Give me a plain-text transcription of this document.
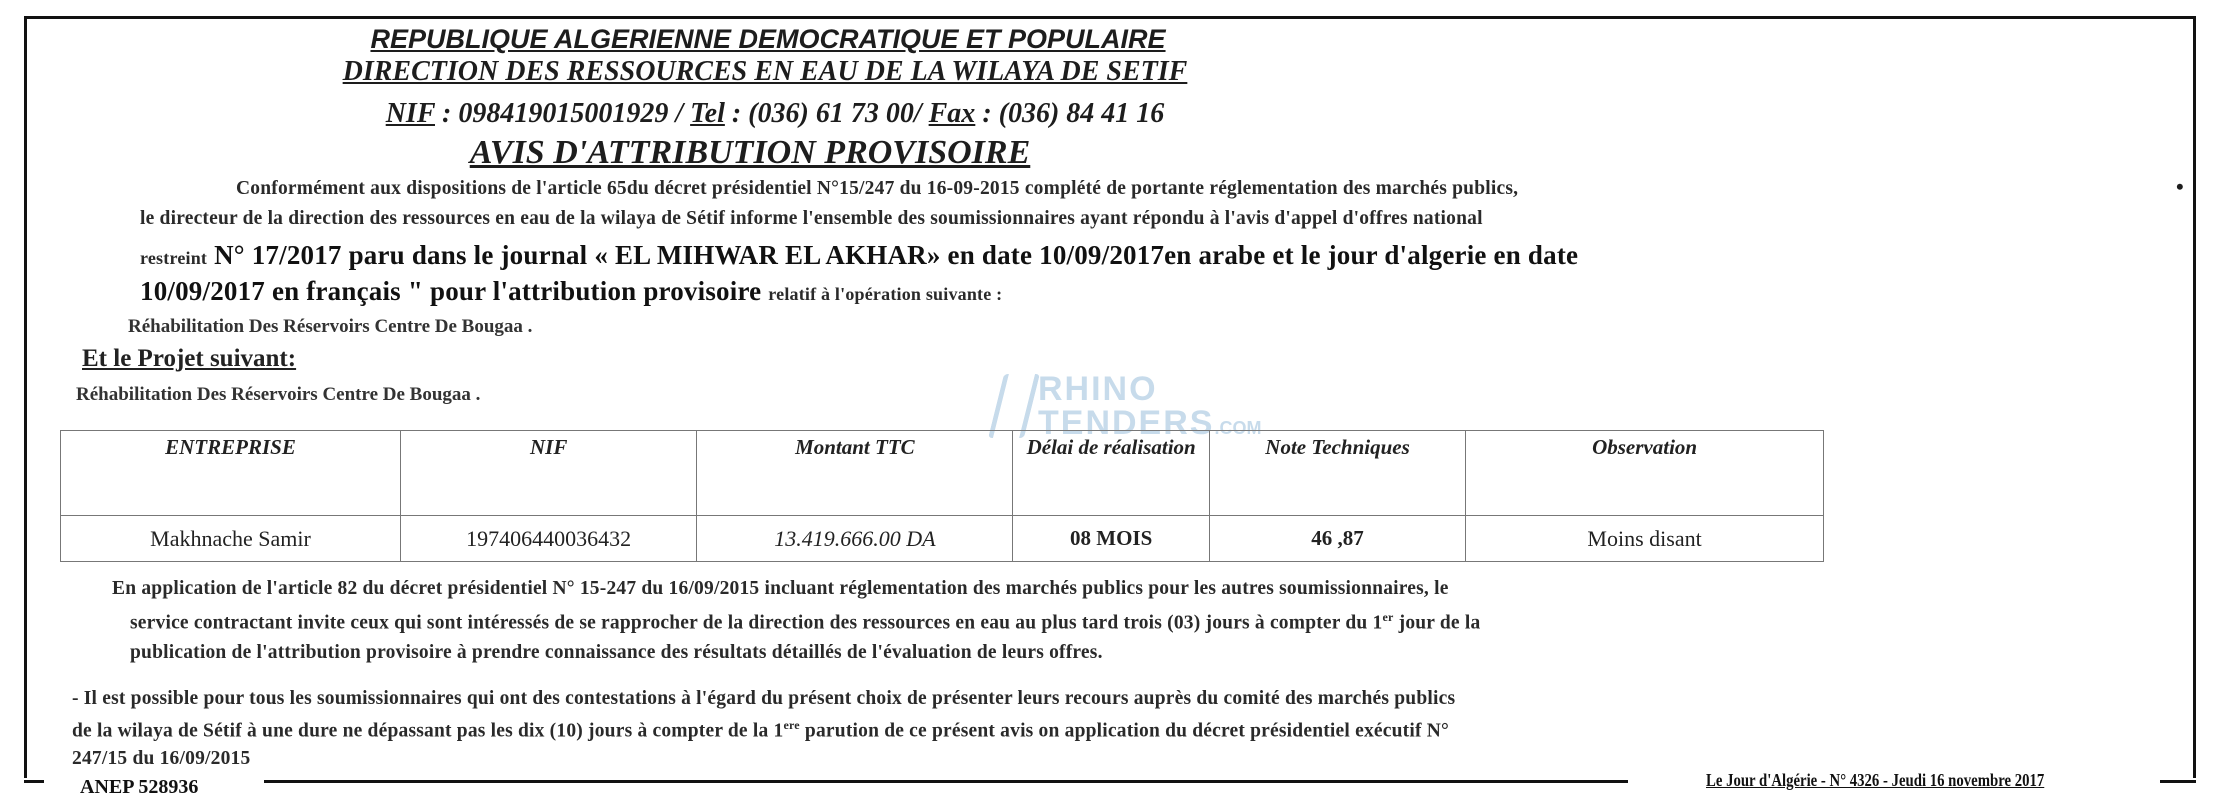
REPUBLIQUE ALGERIENNE DEMOCRATIQUE ET POPULAIRE
DIRECTION DES RESSOURCES EN EAU DE LA WILAYA DE SETIF
NIF : 098419015001929 / Tel : (036) 61 73 00/ Fax : (036) 84 41 16
AVIS D'ATTRIBUTION PROVISOIRE
Conformément aux dispositions de l'article 65du décret présidentiel N°15/247 du 16-09-2015 complété de portante réglementation des marchés publics,	•
le directeur de la direction des ressources en eau de la wilaya de Sétif informe l'ensemble des soumissionnaires ayant répondu à l'avis d'appel d'offres national
restreint N° 17/2017 paru dans le journal « EL MIHWAR EL AKHAR» en date 10/09/2017en arabe et le jour d'algerie en date
10/09/2017 en français " pour l'attribution provisoire relatif à l'opération suivante :
Réhabilitation Des Réservoirs Centre De Bougaa .
Et le Projet suivant:
Réhabilitation Des Réservoirs Centre De Bougaa .	RHINO
TENDERS.COM
ENTREPRISE	NIF	Montant TTC	Délai de réalisation	Note Techniques	Observation
Makhnache Samir	197406440036432	13.419.666.00 DA	08 MOIS	46 ,87	Moins disant
En application de l'article 82 du décret présidentiel N° 15-247 du 16/09/2015 incluant réglementation des marchés publics pour les autres soumissionnaires, le
service contractant invite ceux qui sont intéressés de se rapprocher de la direction des ressources en eau au plus tard trois (03) jours à compter du 1er jour de la
publication de l'attribution provisoire à prendre connaissance des résultats détaillés de l'évaluation de leurs offres.
- Il est possible pour tous les soumissionnaires qui ont des contestations à l'égard du présent choix de présenter leurs recours auprès du comité des marchés publics
de la wilaya de Sétif à une dure ne dépassant pas les dix (10) jours à compter de la 1ere parution de ce présent avis on application du décret présidentiel exécutif N°
247/15 du 16/09/2015
ANEP 528936	Le Jour d'Algérie - N° 4326 - Jeudi 16 novembre 2017
